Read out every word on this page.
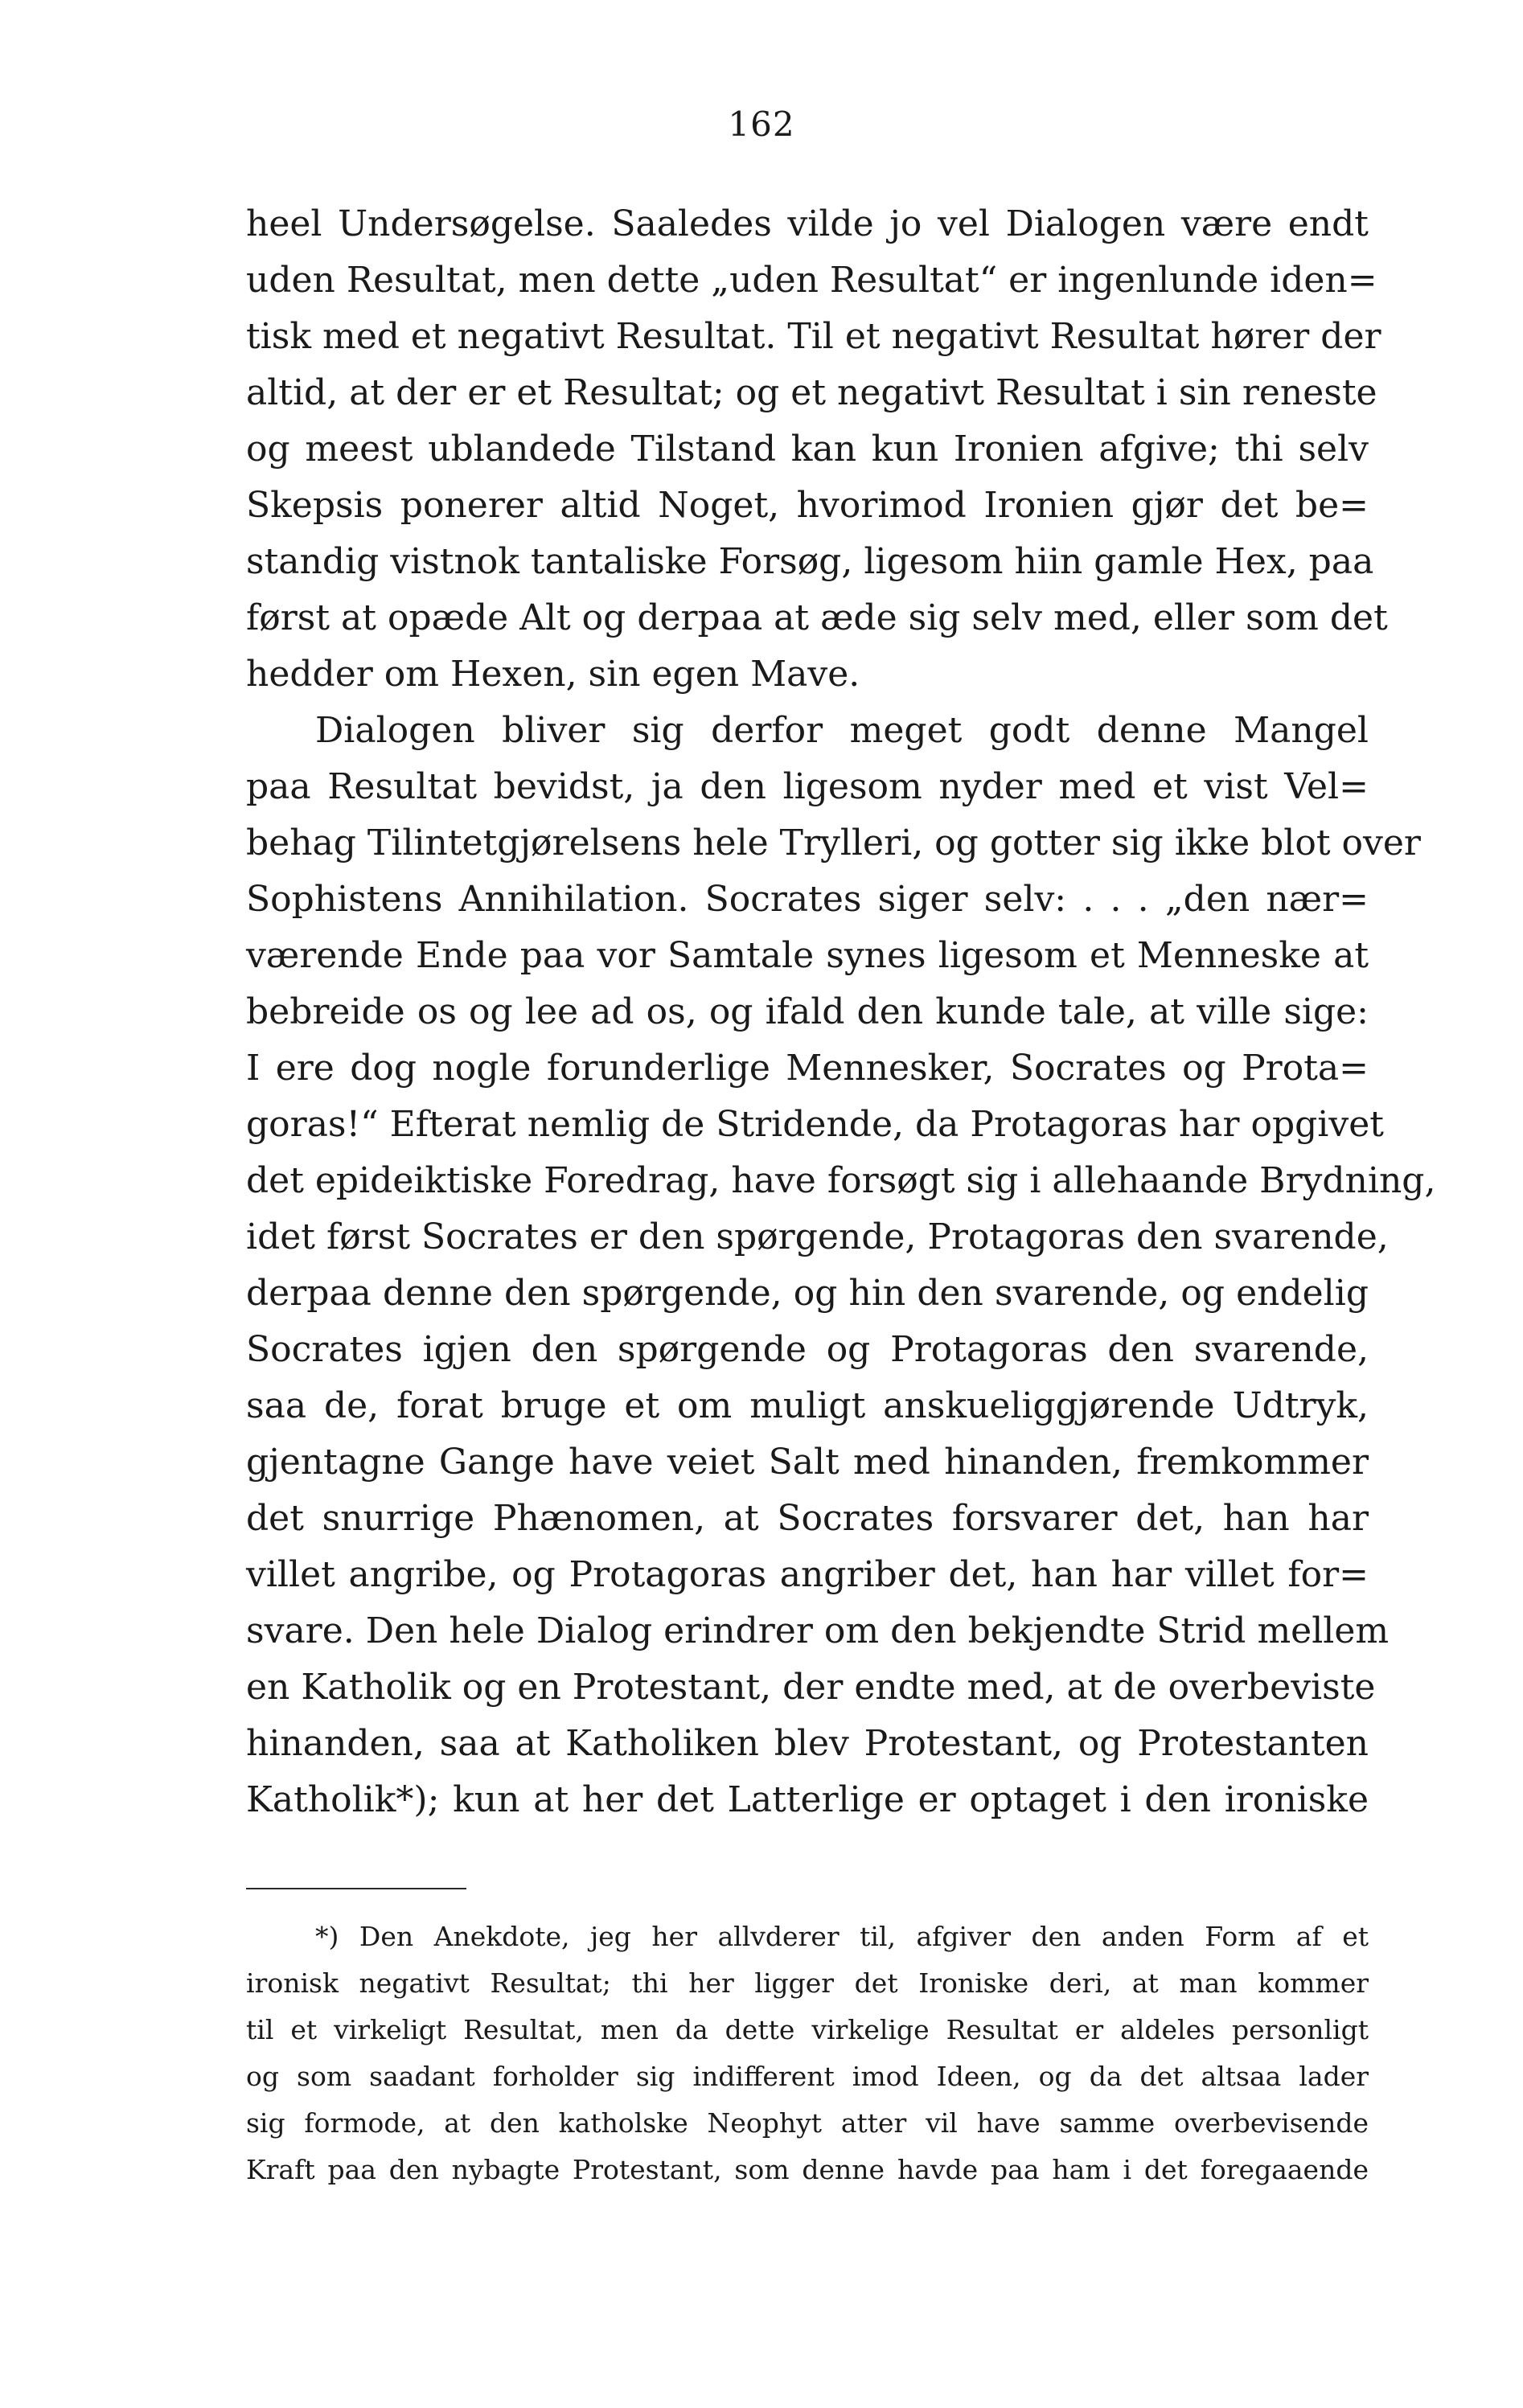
162
heel Undersøgelse. Saaledes vilde jo vel Dialogen være endt
uden Resultat, men dette „uden Resultat“ er ingenlunde iden=
tisk med et negativt Resultat. Til et negativt Resultat hører der
altid, at der er et Resultat; og et negativt Resultat i sin reneste
og meest ublandede Tilstand kan kun Ironien afgive; thi selv
Skepsis ponerer altid Noget, hvorimod Ironien gjør det be=
standig vistnok tantaliske Forsøg, ligesom hiin gamle Hex, paa
først at opæde Alt og derpaa at æde sig selv med, eller som det
hedder om Hexen, sin egen Mave.
Dialogen bliver sig derfor meget godt denne Mangel
paa Resultat bevidst, ja den ligesom nyder med et vist Vel=
behag Tilintetgjørelsens hele Trylleri, og gotter sig ikke blot over
Sophistens Annihilation. Socrates siger selv: . . . „den nær=
værende Ende paa vor Samtale synes ligesom et Menneske at
bebreide os og lee ad os, og ifald den kunde tale, at ville sige:
I ere dog nogle forunderlige Mennesker, Socrates og Prota=
goras!“ Efterat nemlig de Stridende, da Protagoras har opgivet
det epideiktiske Foredrag, have forsøgt sig i allehaande Brydning,
idet først Socrates er den spørgende, Protagoras den svarende,
derpaa denne den spørgende, og hin den svarende, og endelig
Socrates igjen den spørgende og Protagoras den svarende,
saa de, forat bruge et om muligt anskueliggjørende Udtryk,
gjentagne Gange have veiet Salt med hinanden, fremkommer
det snurrige Phænomen, at Socrates forsvarer det, han har
villet angribe, og Protagoras angriber det, han har villet for=
svare. Den hele Dialog erindrer om den bekjendte Strid mellem
en Katholik og en Protestant, der endte med, at de overbeviste
hinanden, saa at Katholiken blev Protestant, og Protestanten
Katholik*); kun at her det Latterlige er optaget i den ironiske
*) Den Anekdote, jeg her allvderer til, afgiver den anden Form af et
ironisk negativt Resultat; thi her ligger det Ironiske deri, at man kommer
til et virkeligt Resultat, men da dette virkelige Resultat er aldeles personligt
og som saadant forholder sig indifferent imod Ideen, og da det altsaa lader
sig formode, at den katholske Neophyt atter vil have samme overbevisende
Kraft paa den nybagte Protestant, som denne havde paa ham i det foregaaende
